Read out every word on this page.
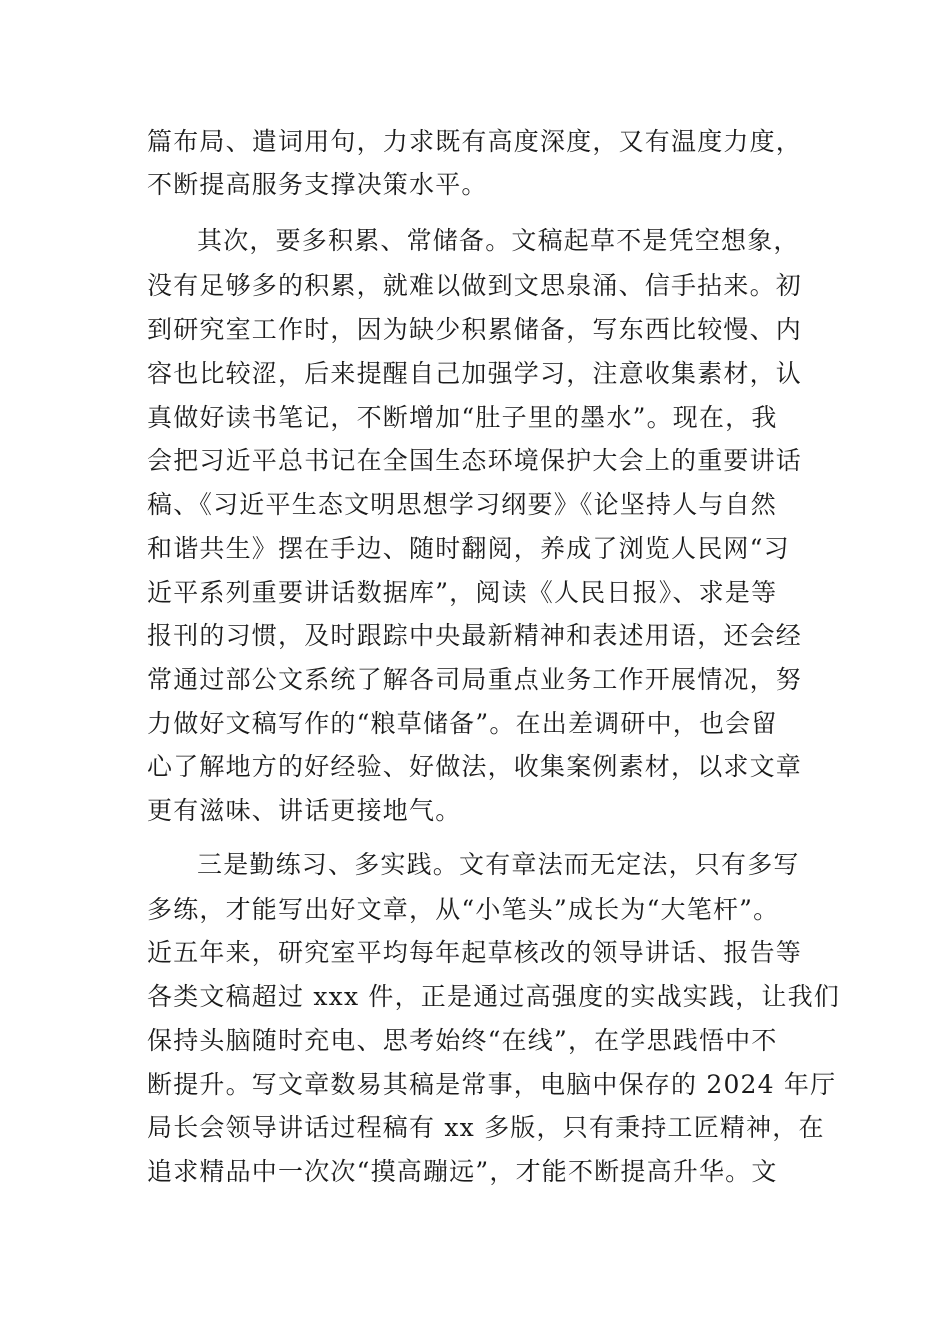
篇布局、遣词用句，力求既有高度深度，又有温度力度，
不断提高服务支撑决策水平。
其次，要多积累、常储备。文稿起草不是凭空想象，
没有足够多的积累，就难以做到文思泉涌、信手拈来。初
到研究室工作时，因为缺少积累储备，写东西比较慢、内
容也比较涩，后来提醒自己加强学习，注意收集素材，认
真做好读书笔记，不断增加“肚子里的墨水”。现在，我
会把习近平总书记在全国生态环境保护大会上的重要讲话
稿、《习近平生态文明思想学习纲要》《论坚持人与自然
和谐共生》摆在手边、随时翻阅，养成了浏览人民网“习
近平系列重要讲话数据库”，阅读《人民日报》、求是等
报刊的习惯，及时跟踪中央最新精神和表述用语，还会经
常通过部公文系统了解各司局重点业务工作开展情况，努
力做好文稿写作的“粮草储备”。在出差调研中，也会留
心了解地方的好经验、好做法，收集案例素材，以求文章
更有滋味、讲话更接地气。
三是勤练习、多实践。文有章法而无定法，只有多写
多练，才能写出好文章，从“小笔头”成长为“大笔杆”。
近五年来，研究室平均每年起草核改的领导讲话、报告等
各类文稿超过 xxx 件，正是通过高强度的实战实践，让我们
保持头脑随时充电、思考始终“在线”，在学思践悟中不
断提升。写文章数易其稿是常事，电脑中保存的 2024 年厅
局长会领导讲话过程稿有 xx 多版，只有秉持工匠精神，在
追求精品中一次次“摸高蹦远”，才能不断提高升华。文
